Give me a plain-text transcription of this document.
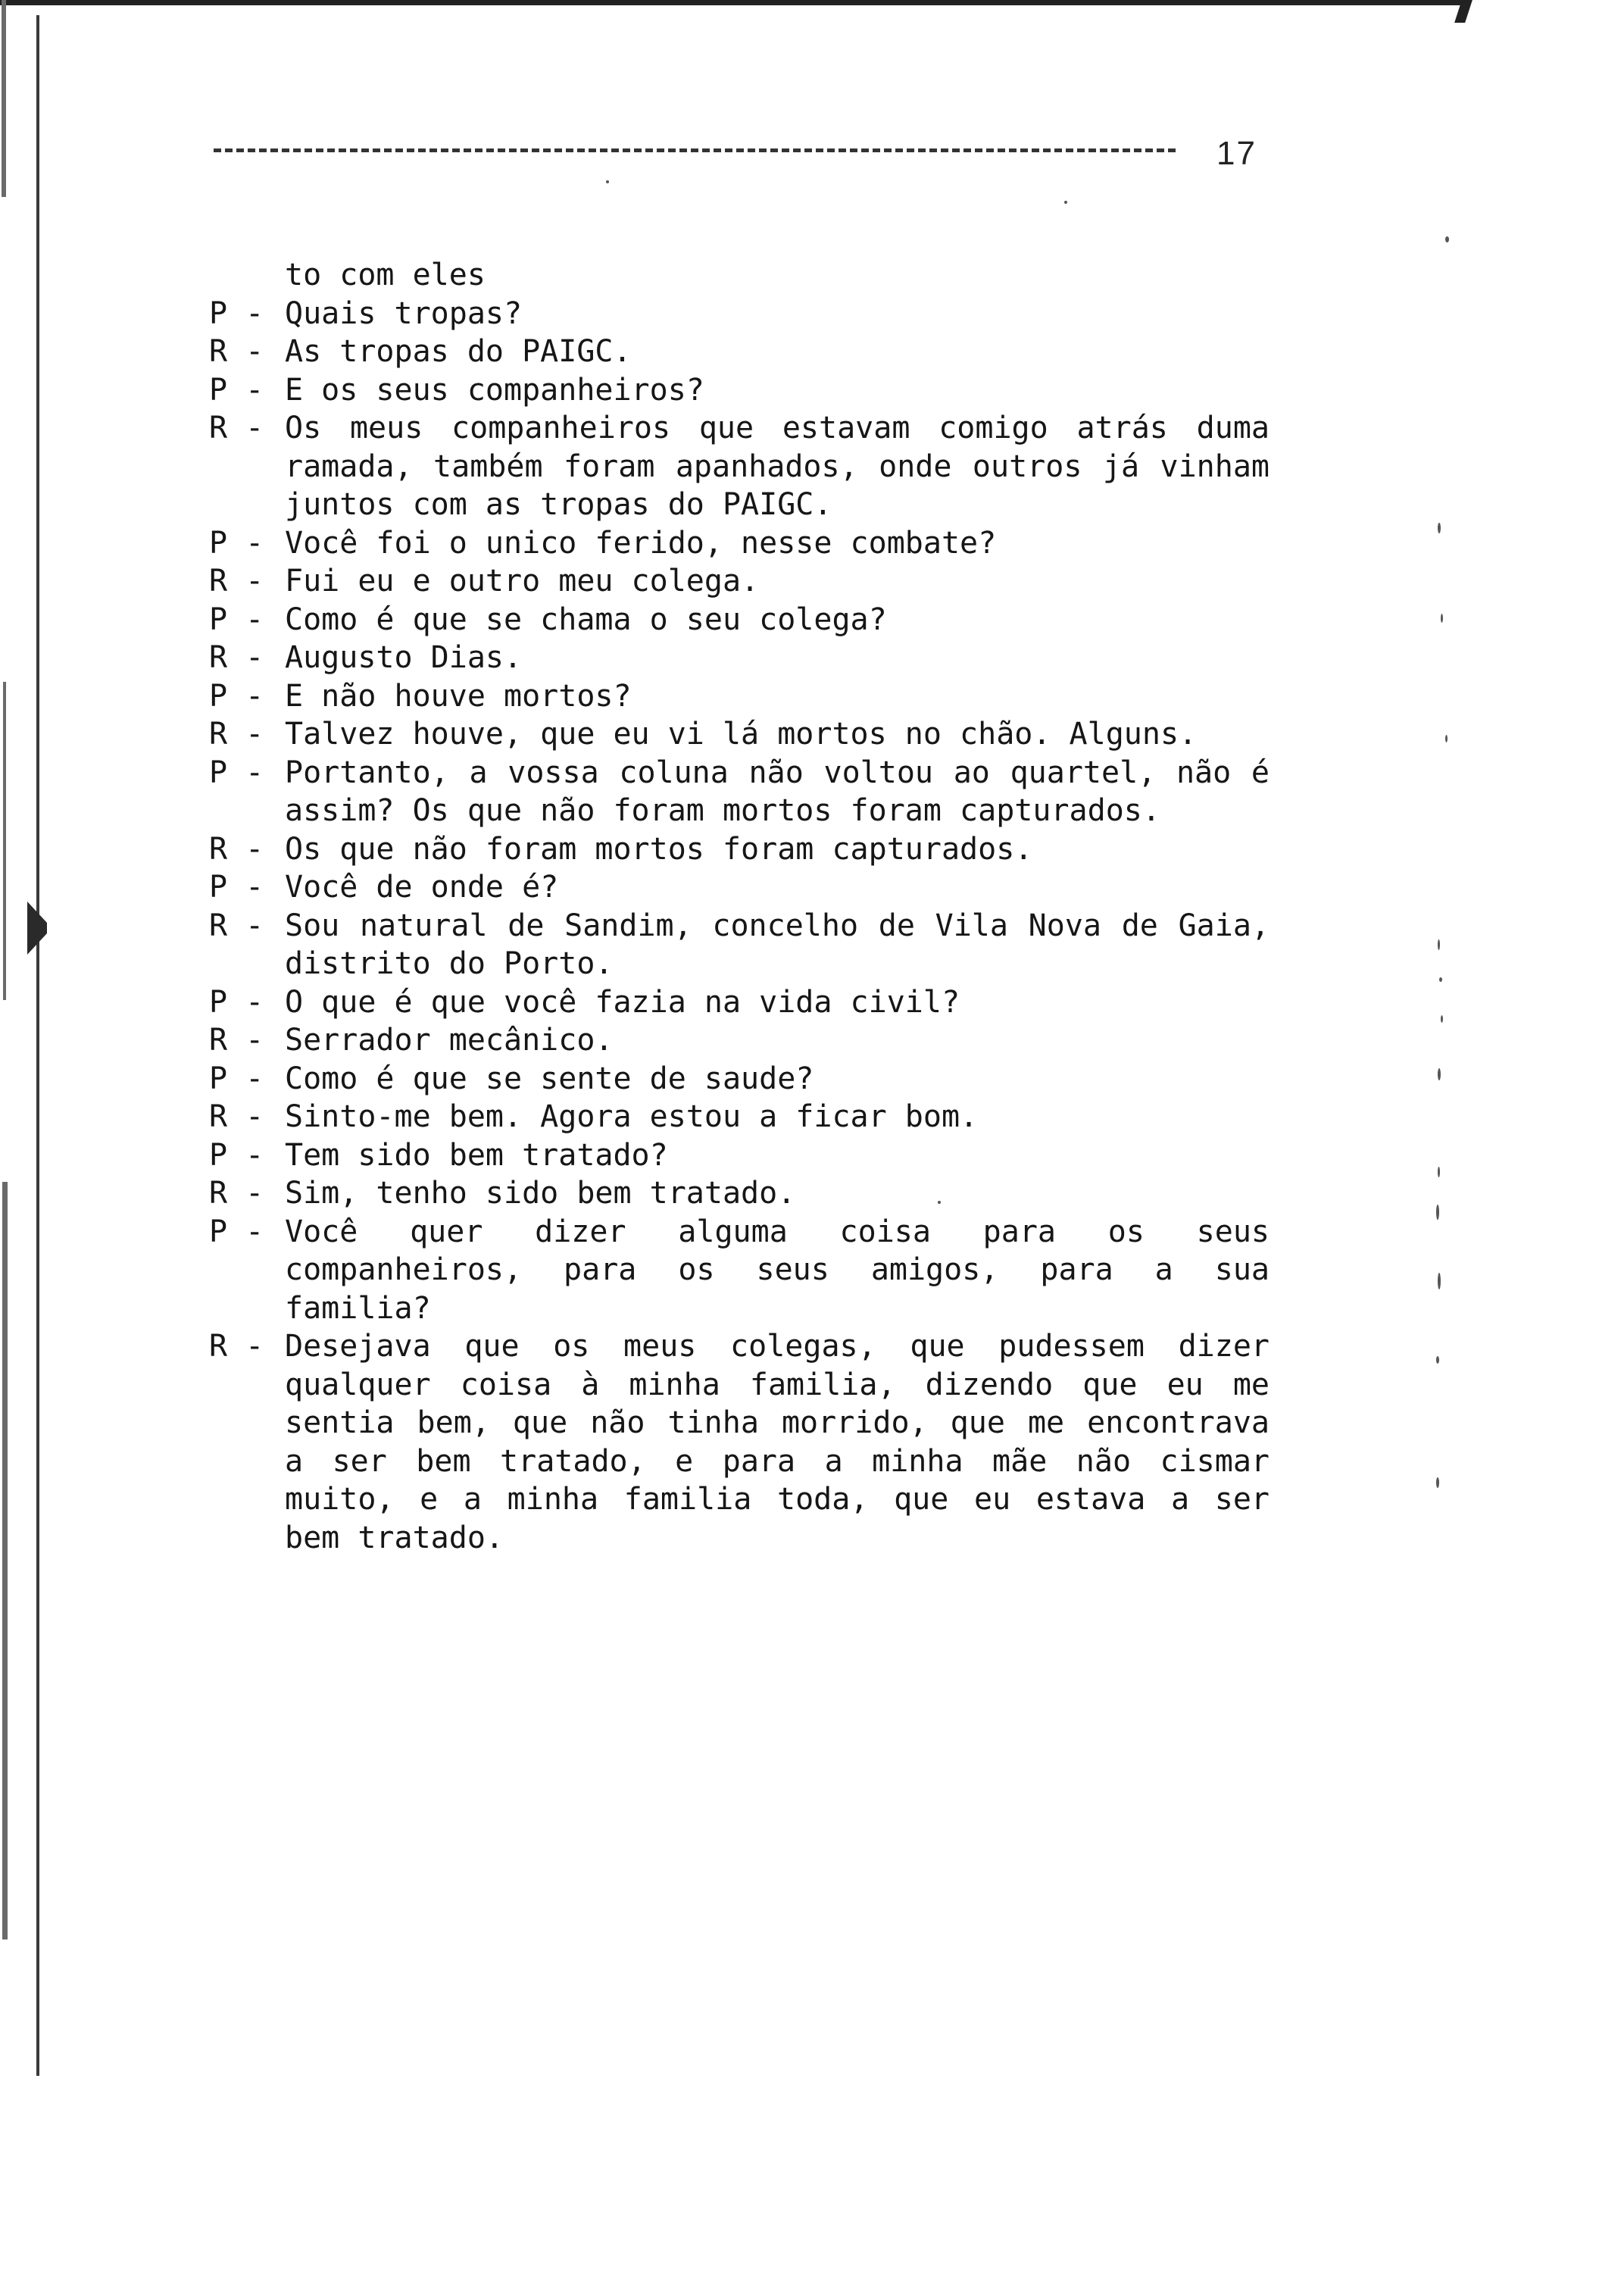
17
to com eles
P - Quais tropas?
R - As tropas do PAIGC.
P - E os seus companheiros?
R - Os meus companheiros que estavam comigo atrás duma ramada, também foram apanhados, onde outros já vinham juntos com as tropas do PAIGC.
P - Você foi o unico ferido, nesse combate?
R - Fui eu e outro meu colega.
P - Como é que se chama o seu colega?
R - Augusto Dias.
P - E não houve mortos?
R - Talvez houve, que eu vi lá mortos no chão. Alguns.
P - Portanto, a vossa coluna não voltou ao quartel, não é assim? Os que não foram mortos foram capturados.
R - Os que não foram mortos foram capturados.
P - Você de onde é?
R - Sou natural de Sandim, concelho de Vila Nova de Gaia, distrito do Porto.
P - O que é que você fazia na vida civil?
R - Serrador mecânico.
P - Como é que se sente de saude?
R - Sinto-me bem. Agora estou a ficar bom.
P - Tem sido bem tratado?
R - Sim, tenho sido bem tratado.
P - Você quer dizer alguma coisa para os seus companheiros, para os seus amigos, para a sua familia?
R - Desejava que os meus colegas, que pudessem dizer qualquer coisa à minha familia, dizendo que eu me sentia bem, que não tinha morrido, que me encontrava a ser bem tratado, e para a minha mãe não cismar muito, e a minha familia toda, que eu estava a ser bem tratado.
